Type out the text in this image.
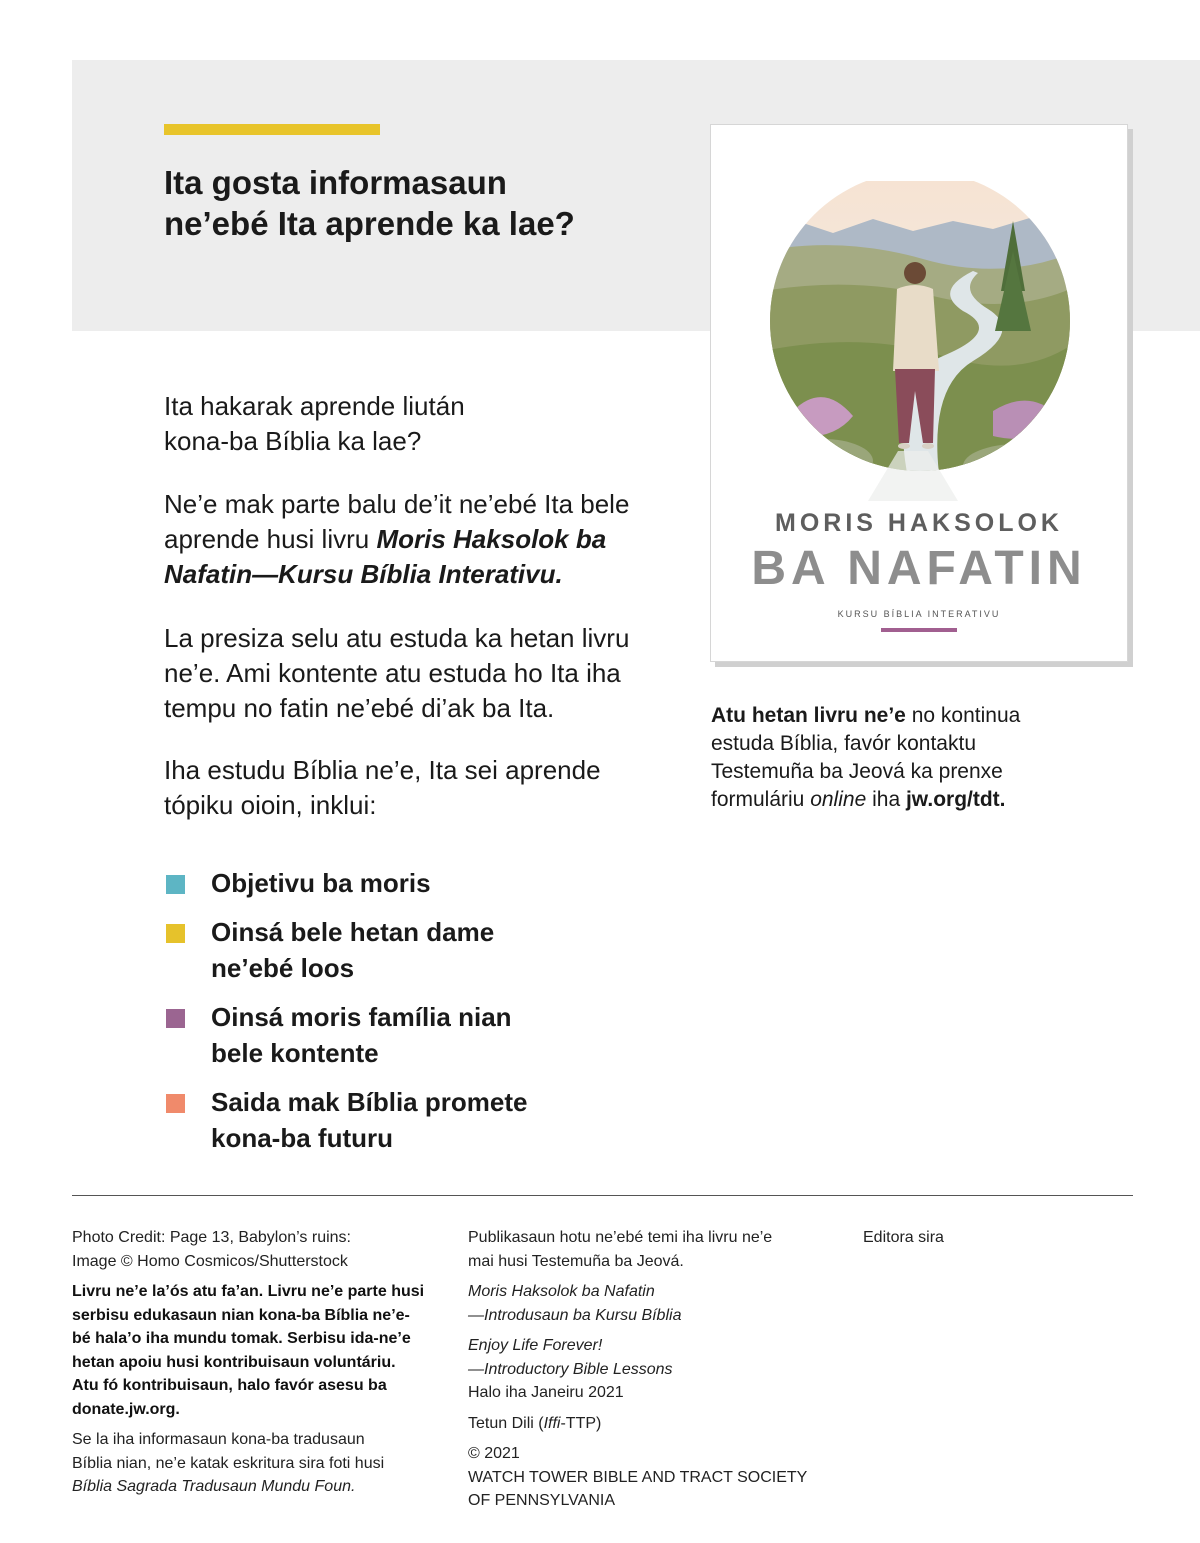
Ita gosta informasaun
ne’ebé Ita aprende ka lae?
Ita hakarak aprende liután
kona-ba Bíblia ka lae?
Ne’e mak parte balu de’it ne’ebé Ita bele
aprende husi livru Moris Haksolok ba
Nafatin—Kursu Bíblia Interativu.
La presiza selu atu estuda ka hetan livru
ne’e. Ami kontente atu estuda ho Ita iha
tempu no fatin ne’ebé di’ak ba Ita.
Iha estudu Bíblia ne’e, Ita sei aprende
tópiku oioin, inklui:
Objetivu ba moris
Oinsá bele hetan dame
ne’ebé loos
Oinsá moris família nian
bele kontente
Saida mak Bíblia promete
kona-ba futuru
MORIS HAKSOLOK
BA NAFATIN
KURSU BÍBLIA INTERATIVU
Atu hetan livru ne’e no kontinua
estuda Bíblia, favór kontaktu
Testemuña ba Jeová ka prenxe
formuláriu online iha jw.org/tdt.
Photo Credit: Page 13, Babylon’s ruins:
Image © Homo Cosmicos/Shutterstock
Livru ne’e la’ós atu fa’an. Livru ne’e parte husi
serbisu edukasaun nian kona-ba Bíblia ne’e-
bé hala’o iha mundu tomak. Serbisu ida-ne’e
hetan apoiu husi kontribuisaun voluntáriu.
Atu fó kontribuisaun, halo favór asesu ba
donate.jw.org.
Se la iha informasaun kona-ba tradusaun
Bíblia nian, ne’e katak eskritura sira foti husi
Bíblia Sagrada Tradusaun Mundu Foun.
Publikasaun hotu ne’ebé temi iha livru ne’e
mai husi Testemuña ba Jeová.
Moris Haksolok ba Nafatin
—Introdusaun ba Kursu Bíblia
Enjoy Life Forever!
—Introductory Bible Lessons
Halo iha Janeiru 2021
Tetun Dili (Iffi-TTP)
© 2021
WATCH TOWER BIBLE AND TRACT SOCIETY
OF PENNSYLVANIA
Editora sira
